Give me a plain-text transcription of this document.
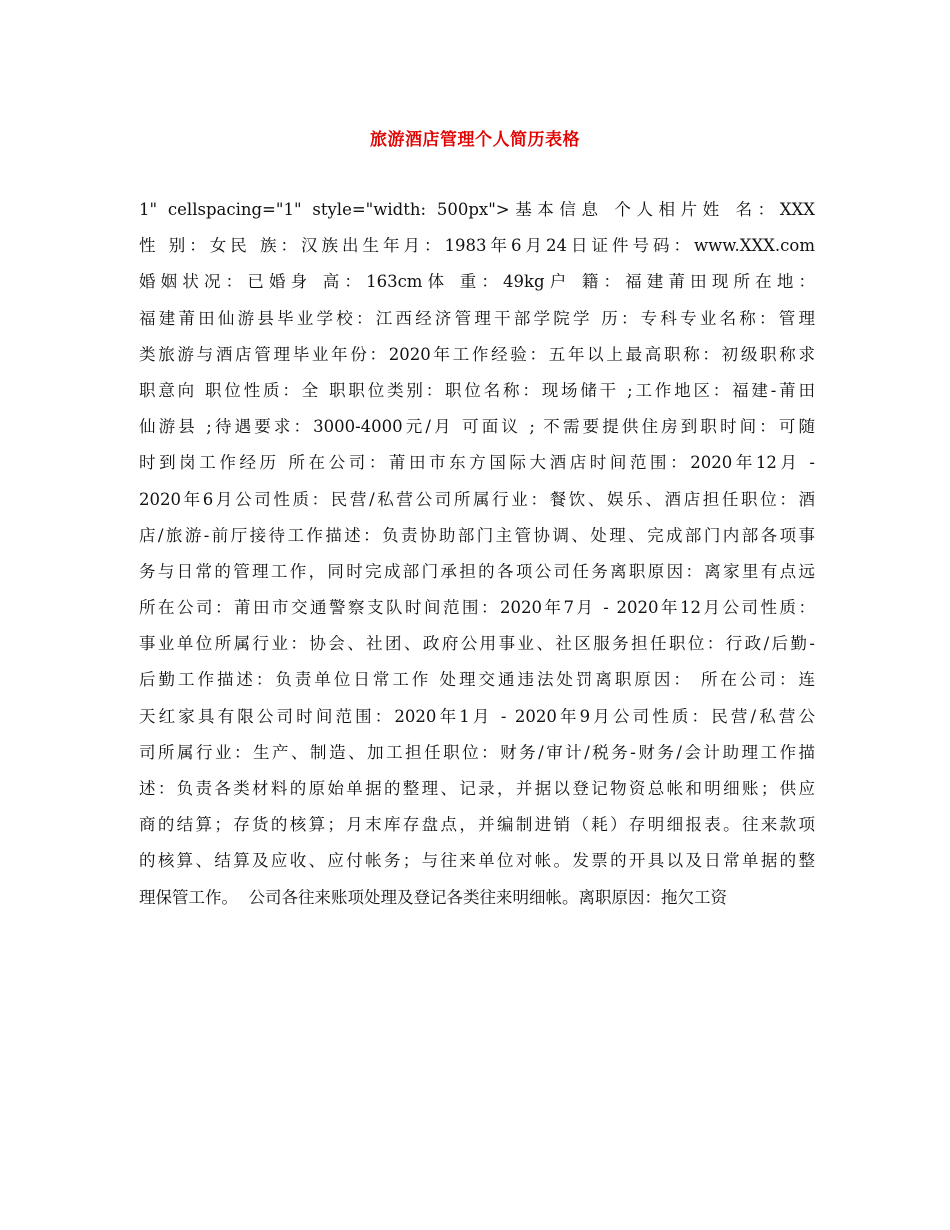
旅游酒店管理个人简历表格
1" cellspacing="1" style="width: 500px">基本信息 个人相片姓 名：XXX
性 别：女民 族：汉族出生年月：1983年6月24日证件号码：www.XXX.com
婚姻状况：已婚身 高：163cm体 重：49kg户 籍：福建莆田现所在地：
福建莆田仙游县毕业学校：江西经济管理干部学院学 历：专科专业名称：管理
类旅游与酒店管理毕业年份：2020年工作经验：五年以上最高职称：初级职称求
职意向 职位性质：全 职职位类别：职位名称：现场储干 ;工作地区：福建-莆田
仙游县 ;待遇要求：3000-4000元/月 可面议 ; 不需要提供住房到职时间：可随
时到岗工作经历 所在公司：莆田市东方国际大酒店时间范围：2020年12月 -
2020年6月公司性质：民营/私营公司所属行业：餐饮、娱乐、酒店担任职位：酒
店/旅游-前厅接待工作描述：负责协助部门主管协调、处理、完成部门内部各项事
务与日常的管理工作，同时完成部门承担的各项公司任务离职原因：离家里有点远
所在公司：莆田市交通警察支队时间范围：2020年7月 - 2020年12月公司性质：
事业单位所属行业：协会、社团、政府公用事业、社区服务担任职位：行政/后勤-
后勤工作描述：负责单位日常工作 处理交通违法处罚离职原因： 所在公司：连
天红家具有限公司时间范围：2020年1月 - 2020年9月公司性质：民营/私营公
司所属行业：生产、制造、加工担任职位：财务/审计/税务-财务/会计助理工作描
述：负责各类材料的原始单据的整理、记录，并据以登记物资总帐和明细账；供应
商的结算；存货的核算；月末库存盘点，并编制进销（耗）存明细报表。往来款项
的核算、结算及应收、应付帐务；与往来单位对帐。发票的开具以及日常单据的整
理保管工作。  公司各往来账项处理及登记各类往来明细帐。离职原因：拖欠工资
